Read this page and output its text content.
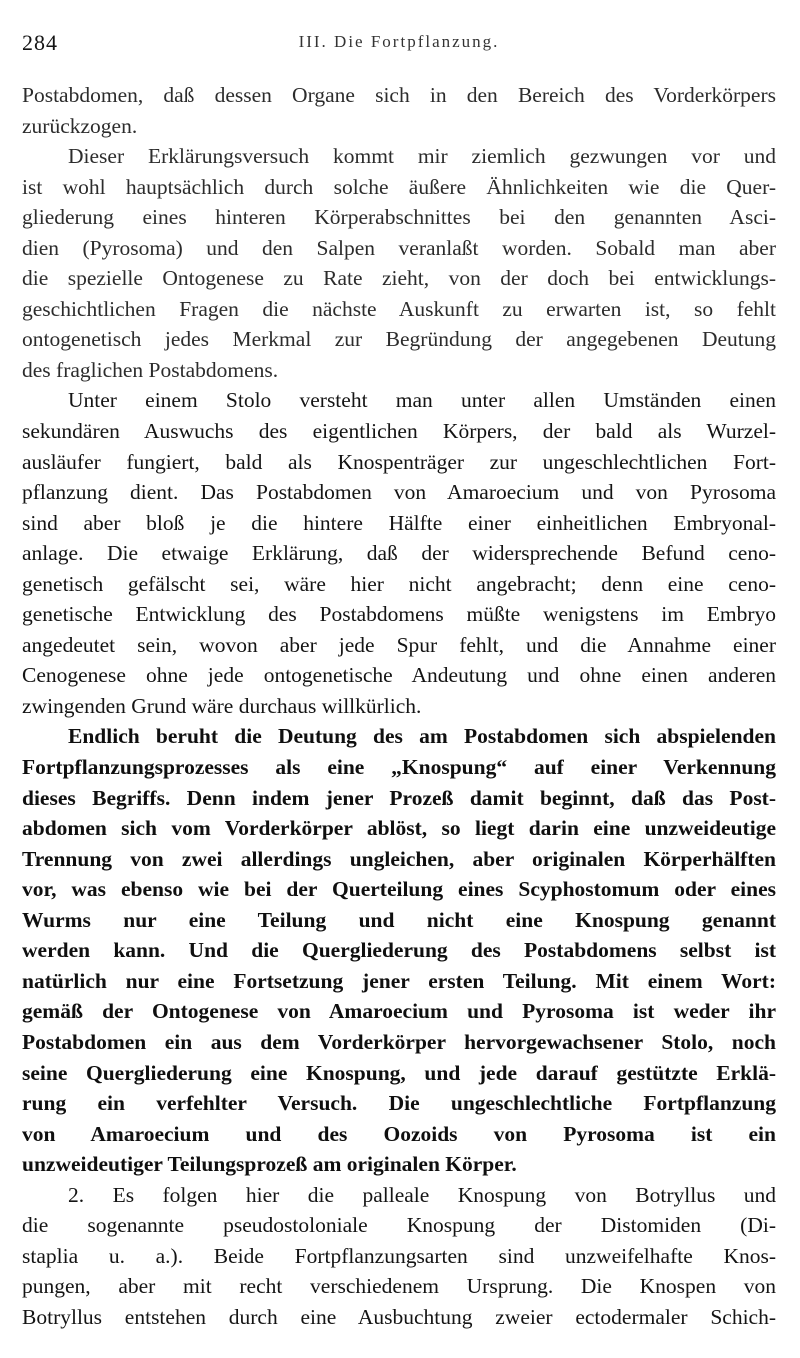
284	III. Die Fortpflanzung.
Postabdomen, daß dessen Organe sich in den Bereich des Vorderkörpers
zurückzogen.
Dieser Erklärungsversuch kommt mir ziemlich gezwungen vor und
ist wohl hauptsächlich durch solche äußere Ähnlichkeiten wie die Quer-
gliederung eines hinteren Körperabschnittes bei den genannten Asci-
dien (Pyrosoma) und den Salpen veranlaßt worden. Sobald man aber
die spezielle Ontogenese zu Rate zieht, von der doch bei entwicklungs-
geschichtlichen Fragen die nächste Auskunft zu erwarten ist, so fehlt
ontogenetisch jedes Merkmal zur Begründung der angegebenen Deutung
des fraglichen Postabdomens.
Unter einem Stolo versteht man unter allen Umständen einen
sekundären Auswuchs des eigentlichen Körpers, der bald als Wurzel-
ausläufer fungiert, bald als Knospenträger zur ungeschlechtlichen Fort-
pflanzung dient. Das Postabdomen von Amaroecium und von Pyrosoma
sind aber bloß je die hintere Hälfte einer einheitlichen Embryonal-
anlage. Die etwaige Erklärung, daß der widersprechende Befund ceno-
genetisch gefälscht sei, wäre hier nicht angebracht; denn eine ceno-
genetische Entwicklung des Postabdomens müßte wenigstens im Embryo
angedeutet sein, wovon aber jede Spur fehlt, und die Annahme einer
Cenogenese ohne jede ontogenetische Andeutung und ohne einen anderen
zwingenden Grund wäre durchaus willkürlich.
Endlich beruht die Deutung des am Postabdomen sich abspielenden
Fortpflanzungsprozesses als eine „Knospung“ auf einer Verkennung
dieses Begriffs. Denn indem jener Prozeß damit beginnt, daß das Post-
abdomen sich vom Vorderkörper ablöst, so liegt darin eine unzweideutige
Trennung von zwei allerdings ungleichen, aber originalen Körperhälften
vor, was ebenso wie bei der Querteilung eines Scyphostomum oder eines
Wurms nur eine Teilung und nicht eine Knospung genannt
werden kann. Und die Quergliederung des Postabdomens selbst ist
natürlich nur eine Fortsetzung jener ersten Teilung. Mit einem Wort:
gemäß der Ontogenese von Amaroecium und Pyrosoma ist weder ihr
Postabdomen ein aus dem Vorderkörper hervorgewachsener Stolo, noch
seine Quergliederung eine Knospung, und jede darauf gestützte Erklä-
rung ein verfehlter Versuch. Die ungeschlechtliche Fortpflanzung
von Amaroecium und des Oozoids von Pyrosoma ist ein
unzweideutiger Teilungsprozeß am originalen Körper.
2. Es folgen hier die palleale Knospung von Botryllus und
die sogenannte pseudostoloniale Knospung der Distomiden (Di-
staplia u. a.). Beide Fortpflanzungsarten sind unzweifelhafte Knos-
pungen, aber mit recht verschiedenem Ursprung. Die Knospen von
Botryllus entstehen durch eine Ausbuchtung zweier ectodermaler Schich-
